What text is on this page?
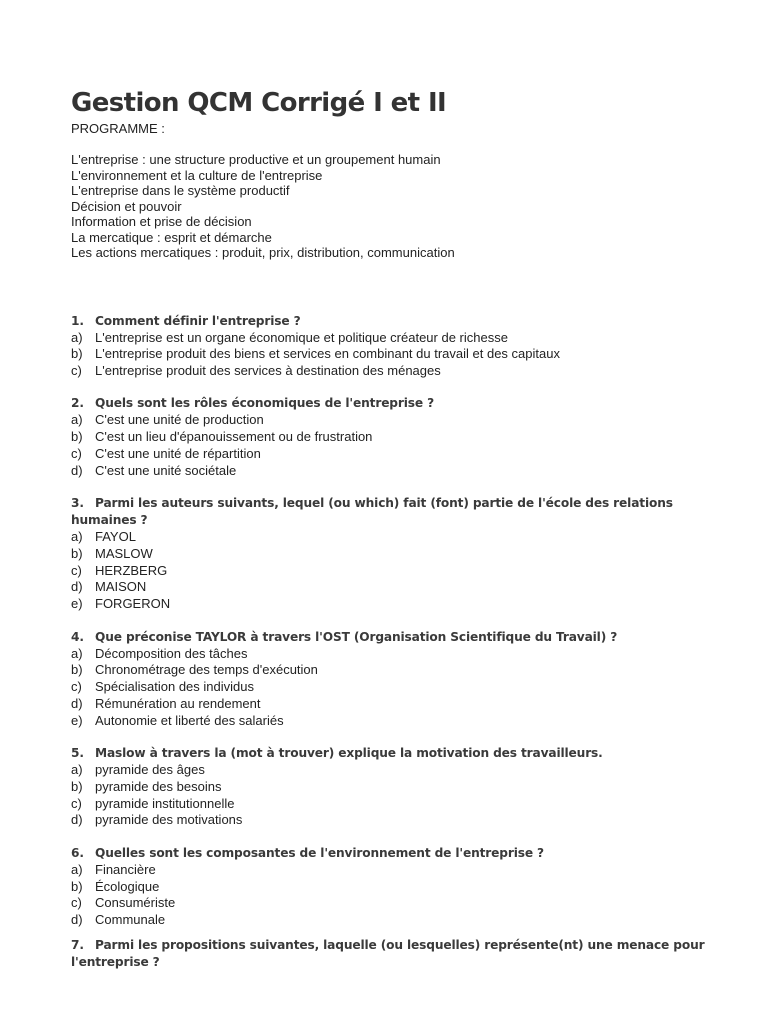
Gestion QCM Corrigé I et II
PROGRAMME :
L'entreprise : une structure productive et un groupement humain
L'environnement et la culture de l'entreprise
L'entreprise dans le système productif
Décision et pouvoir
Information et prise de décision
La mercatique : esprit et démarche
Les actions mercatiques : produit, prix, distribution, communication
1. Comment définir l'entreprise ?
a) L'entreprise est un organe économique et politique créateur de richesse
b) L'entreprise produit des biens et services en combinant du travail et des capitaux
c) L'entreprise produit des services à destination des ménages
2. Quels sont les rôles économiques de l'entreprise ?
a) C'est une unité de production
b) C'est un lieu d'épanouissement ou de frustration
c) C'est une unité de répartition
d) C'est une unité sociétale
3. Parmi les auteurs suivants, lequel (ou which) fait (font) partie de l'école des relations humaines ?
a) FAYOL
b) MASLOW
c) HERZBERG
d) MAISON
e) FORGERON
4. Que préconise TAYLOR à travers l'OST (Organisation Scientifique du Travail) ?
a) Décomposition des tâches
b) Chronométrage des temps d'exécution
c) Spécialisation des individus
d) Rémunération au rendement
e) Autonomie et liberté des salariés
5. Maslow à travers la (mot à trouver) explique la motivation des travailleurs.
a) pyramide des âges
b) pyramide des besoins
c) pyramide institutionnelle
d) pyramide des motivations
6. Quelles sont les composantes de l'environnement de l'entreprise ?
a) Financière
b) Écologique
c) Consumériste
d) Communale
7. Parmi les propositions suivantes, laquelle (ou lesquelles) représente(nt) une menace pour l'entreprise ?
